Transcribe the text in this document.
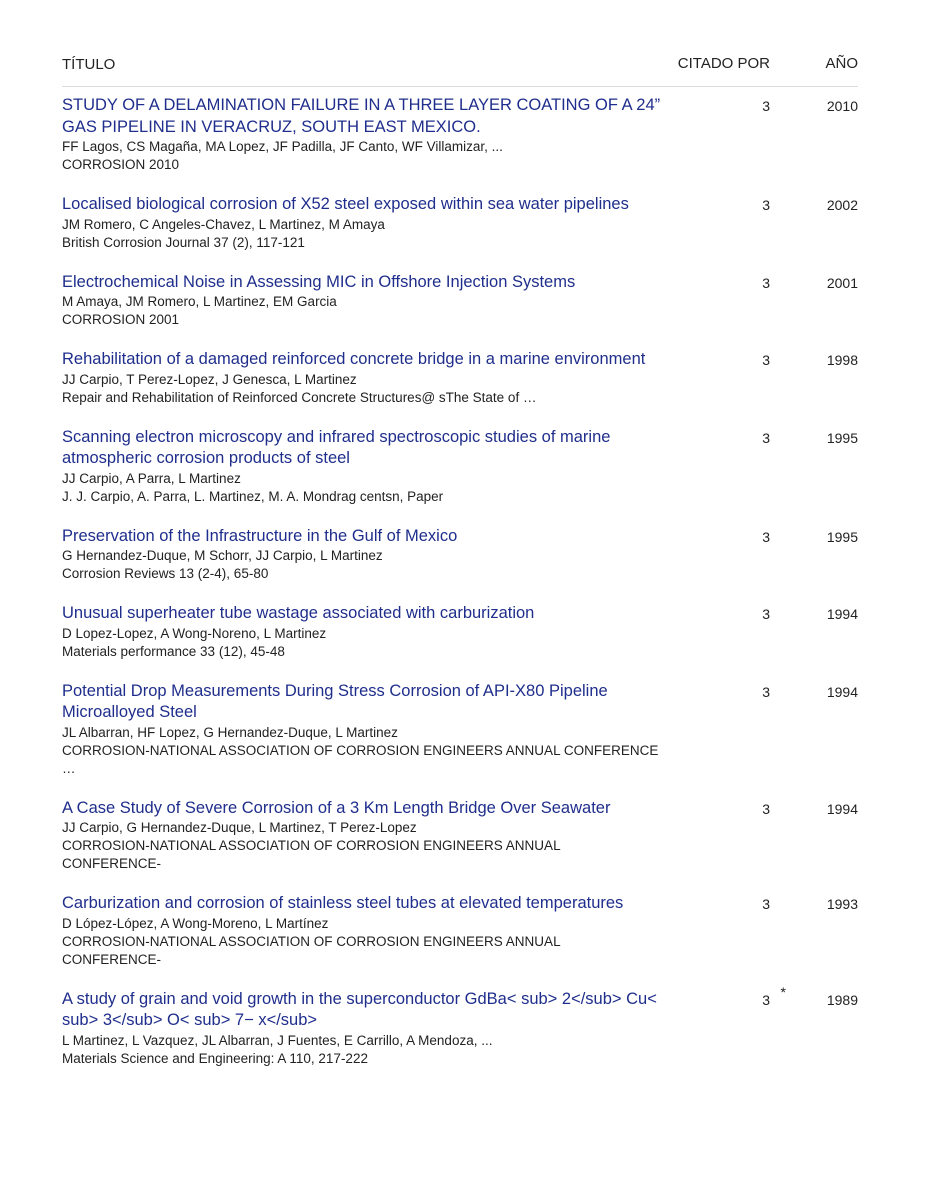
TÍTULO	CITADO POR	AÑO
STUDY OF A DELAMINATION FAILURE IN A THREE LAYER COATING OF A 24” GAS PIPELINE IN VERACRUZ, SOUTH EAST MEXICO.
FF Lagos, CS Magaña, MA Lopez, JF Padilla, JF Canto, WF Villamizar, ...
CORROSION 2010
3	2010
Localised biological corrosion of X52 steel exposed within sea water pipelines
JM Romero, C Angeles-Chavez, L Martinez, M Amaya
British Corrosion Journal 37 (2), 117-121
3	2002
Electrochemical Noise in Assessing MIC in Offshore Injection Systems
M Amaya, JM Romero, L Martinez, EM Garcia
CORROSION 2001
3	2001
Rehabilitation of a damaged reinforced concrete bridge in a marine environment
JJ Carpio, T Perez-Lopez, J Genesca, L Martinez
Repair and Rehabilitation of Reinforced Concrete Structures@ sThe State of …
3	1998
Scanning electron microscopy and infrared spectroscopic studies of marine atmospheric corrosion products of steel
JJ Carpio, A Parra, L Martinez
J. J. Carpio, A. Parra, L. Martinez, M. A. Mondrag centsn, Paper
3	1995
Preservation of the Infrastructure in the Gulf of Mexico
G Hernandez-Duque, M Schorr, JJ Carpio, L Martinez
Corrosion Reviews 13 (2-4), 65-80
3	1995
Unusual superheater tube wastage associated with carburization
D Lopez-Lopez, A Wong-Noreno, L Martinez
Materials performance 33 (12), 45-48
3	1994
Potential Drop Measurements During Stress Corrosion of API-X80 Pipeline Microalloyed Steel
JL Albarran, HF Lopez, G Hernandez-Duque, L Martinez
CORROSION-NATIONAL ASSOCIATION OF CORROSION ENGINEERS ANNUAL CONFERENCE …
3	1994
A Case Study of Severe Corrosion of a 3 Km Length Bridge Over Seawater
JJ Carpio, G Hernandez-Duque, L Martinez, T Perez-Lopez
CORROSION-NATIONAL ASSOCIATION OF CORROSION ENGINEERS ANNUAL CONFERENCE-
3	1994
Carburization and corrosion of stainless steel tubes at elevated temperatures
D López-López, A Wong-Moreno, L Martínez
CORROSION-NATIONAL ASSOCIATION OF CORROSION ENGINEERS ANNUAL CONFERENCE-
3	1993
A study of grain and void growth in the superconductor GdBa< sub> 2</sub> Cu< sub> 3</sub> O< sub> 7− x</sub>
L Martinez, L Vazquez, JL Albarran, J Fuentes, E Carrillo, A Mendoza, ...
Materials Science and Engineering: A 110, 217-222
3 *	1989
